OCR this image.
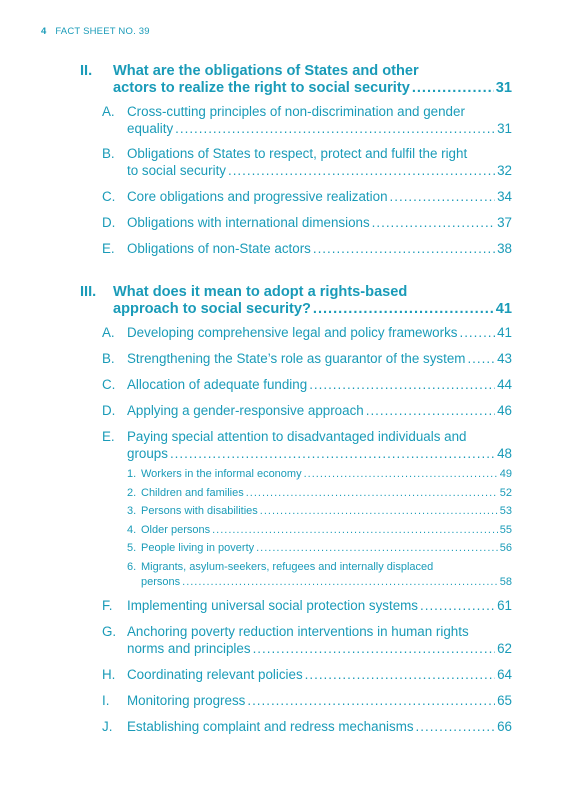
4 FACT SHEET NO. 39
II. What are the obligations of States and other
actors to realize the right to social security .....	31
A. Cross-cutting principles of non-discrimination and gender
equality .....	31
B. Obligations of States to respect, protect and fulfil the right
to social security .....	32
C. Core obligations and progressive realization .....	34
D. Obligations with international dimensions .....	37
E. Obligations of non-State actors .....	38
III. What does it mean to adopt a rights-based
approach to social security? .....	41
A. Developing comprehensive legal and policy frameworks .....	41
B. Strengthening the State’s role as guarantor of the system ..... 43
C. Allocation of adequate funding .....	44
D. Applying a gender-responsive approach .....	46
E. Paying special attention to disadvantaged individuals and
groups .....	48
1. Workers in the informal economy .....	49
2. Children and families .....	52
3. Persons with disabilities .....	53
4. Older persons .....	55
5. People living in poverty .....	56
6. Migrants, asylum-seekers, refugees and internally displaced
persons .....	58
F. Implementing universal social protection systems .....	61
G. Anchoring poverty reduction interventions in human rights
norms and principles .....	62
H. Coordinating relevant policies .....	64
I. Monitoring progress .....	65
J. Establishing complaint and redress mechanisms .....	66
